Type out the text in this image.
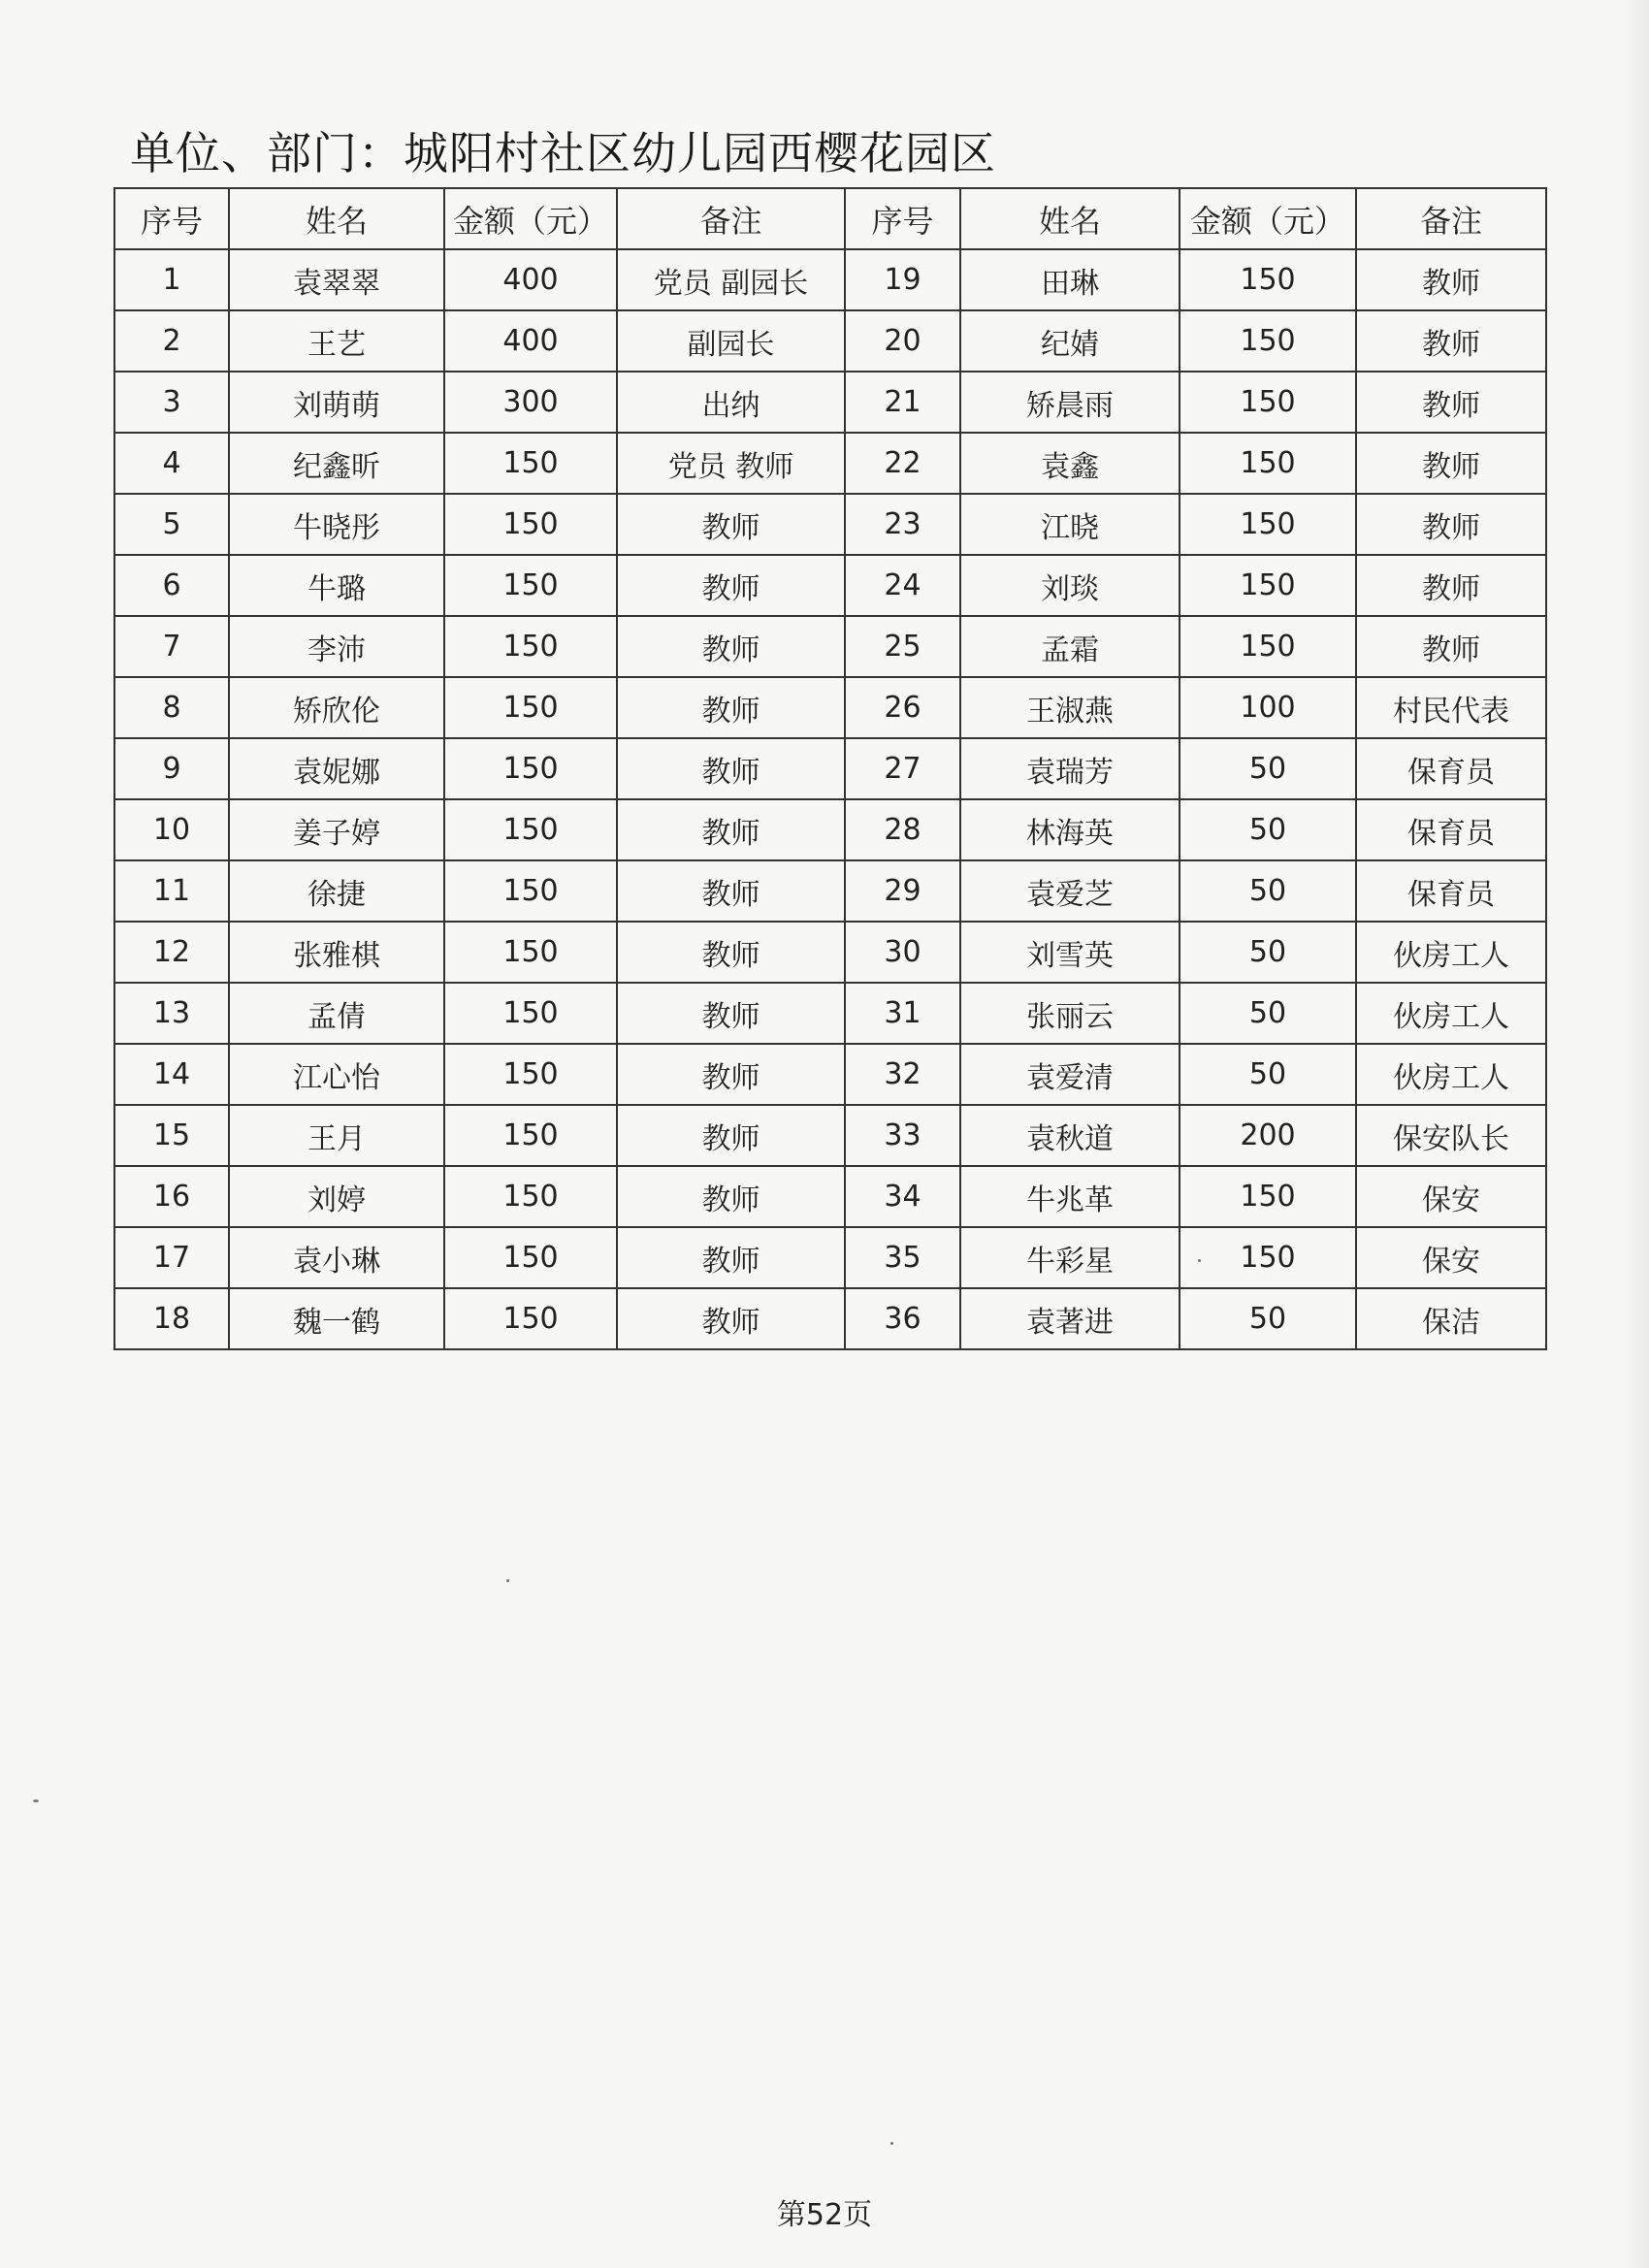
单位、部门：城阳村社区幼儿园西樱花园区
序号	姓名	金额（元）	备注	序号	姓名	金额（元）	备注
1	袁翠翠	400	党员 副园长	19	田琳	150	教师
2	王艺	400	副园长	20	纪婧	150	教师
3	刘萌萌	300	出纳	21	矫晨雨	150	教师
4	纪鑫昕	150	党员 教师	22	袁鑫	150	教师
5	牛晓彤	150	教师	23	江晓	150	教师
6	牛璐	150	教师	24	刘琰	150	教师
7	李沛	150	教师	25	孟霜	150	教师
8	矫欣伦	150	教师	26	王淑燕	100	村民代表
9	袁妮娜	150	教师	27	袁瑞芳	50	保育员
10	姜子婷	150	教师	28	林海英	50	保育员
11	徐捷	150	教师	29	袁爱芝	50	保育员
12	张雅棋	150	教师	30	刘雪英	50	伙房工人
13	孟倩	150	教师	31	张丽云	50	伙房工人
14	江心怡	150	教师	32	袁爱清	50	伙房工人
15	王月	150	教师	33	袁秋道	200	保安队长
16	刘婷	150	教师	34	牛兆革	150	保安
17	袁小琳	150	教师	35	牛彩星	150	保安
18	魏一鹤	150	教师	36	袁著进	50	保洁
第52页
